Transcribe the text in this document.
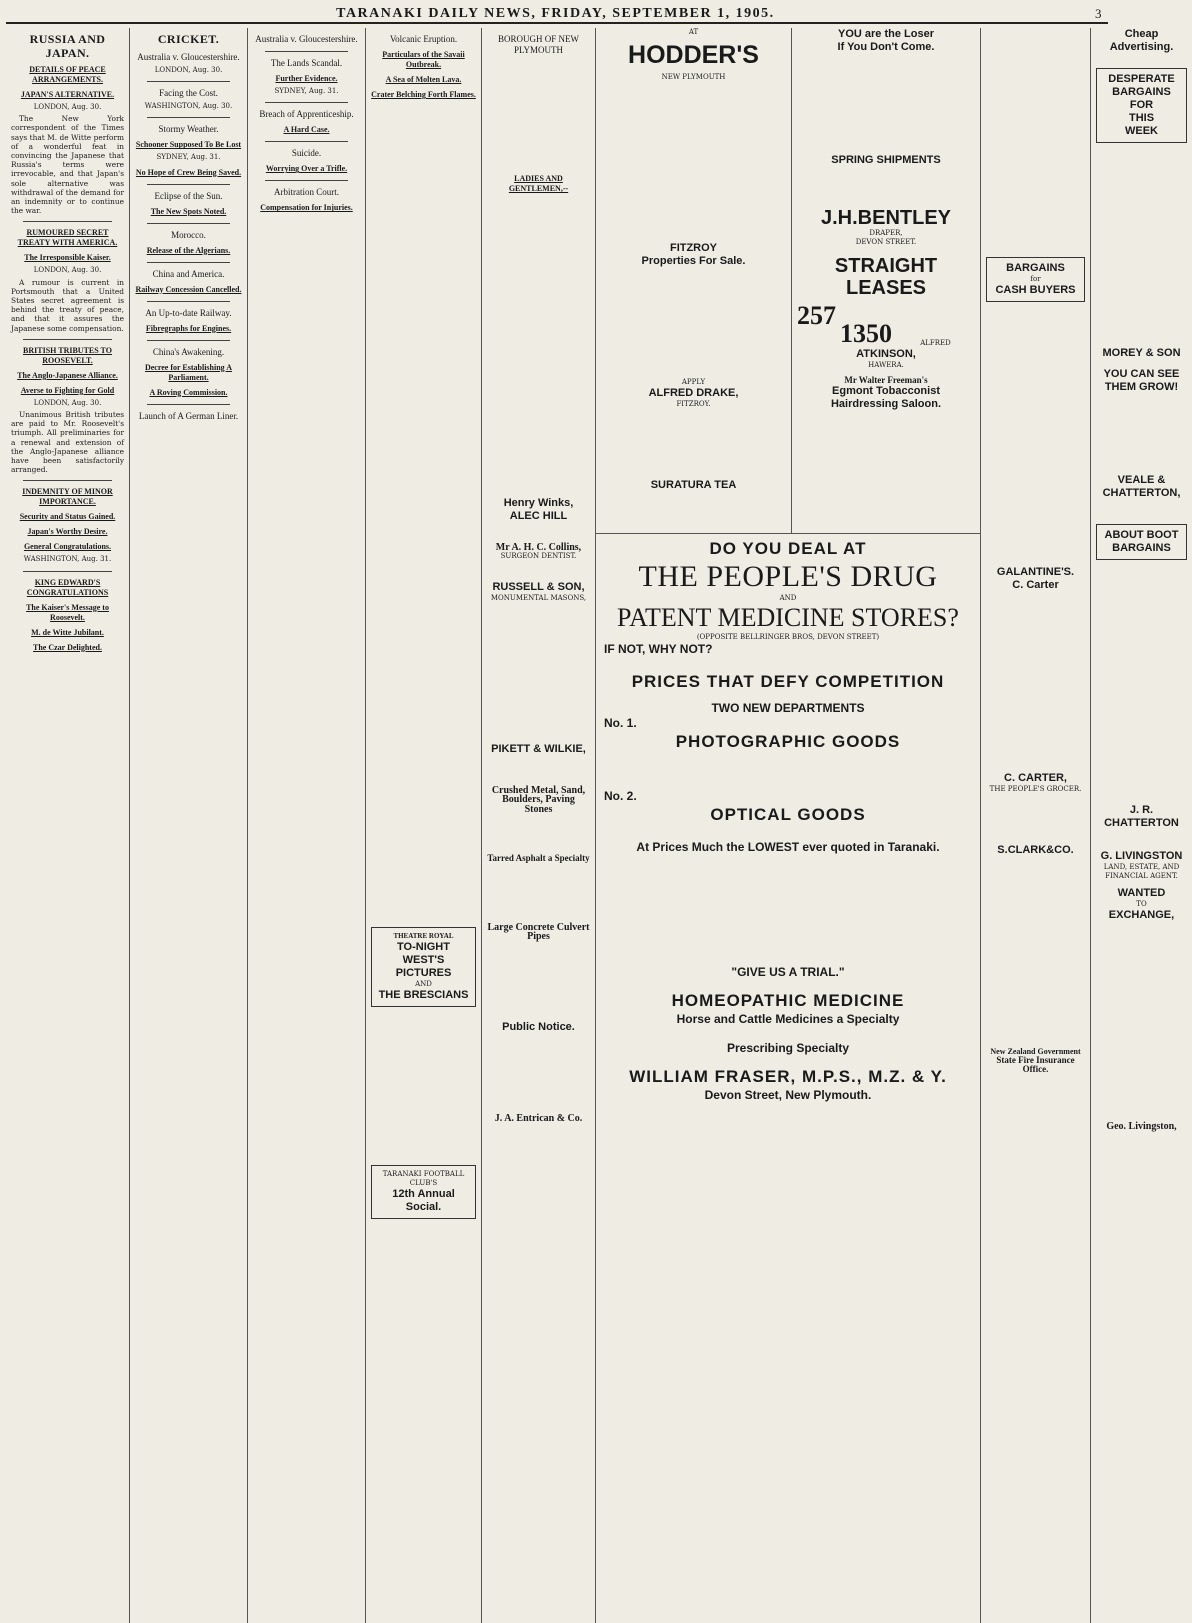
TARANAKI DAILY NEWS, FRIDAY, SEPTEMBER 1, 1905.	3
RUSSIA AND JAPAN.
DETAILS OF PEACE ARRANGEMENTS.
JAPAN'S ALTERNATIVE.
LONDON, Aug. 30.

The New York correspondent of the Times says that M. de Witte perform of a wonderful feat in convincing the Japanese that Russia's terms were irrevocable, and that Japan's sole alternative was withdrawal of the demand for an indemnity or to continue the war.

RUMOURED SECRET TREATY WITH AMERICA.
The Irresponsible Kaiser.
LONDON, Aug. 30.

A rumour is current in Portsmouth that a United States secret agreement is behind the treaty of peace, and that it assures the Japanese some compensation.

BRITISH TRIBUTES TO ROOSEVELT.
The Anglo-Japanese Alliance.
Averse to Fighting for Gold
LONDON, Aug. 30.

Unanimous British tributes are paid to Mr. Roosevelt's triumph. All preliminaries for a renewal and extension of the Anglo-Japanese alliance have been satisfactorily arranged.

INDEMNITY OF MINOR IMPORTANCE.
Security and Status Gained.
Japan's Worthy Desire.
General Congratulations.
WASHINGTON, Aug. 31.
KING EDWARD'S CONGRATULATIONS
The Kaiser's Message to Roosevelt.
M. de Witte Jubilant.
The Czar Delighted.
CRICKET.
Australia v. Gloucestershire.
LONDON, Aug. 30.
Facing the Cost.
WASHINGTON, Aug. 30.
Stormy Weather.
Schooner Supposed To Be Lost
SYDNEY, Aug. 31.
No Hope of Crew Being Saved.
Eclipse of the Sun.
The New Spots Noted.
Morocco.
Release of the Algerians.
China and America.
Railway Concession Cancelled.
An Up-to-date Railway.
Fibregraphs for Engines.
China's Awakening.
Decree for Establishing A Parliament.
A Roving Commission.
Launch of A German Liner.
Australia v. Gloucestershire.
The Lands Scandal.
Further Evidence.
SYDNEY, Aug. 31.
Breach of Apprenticeship.
A Hard Case.
Suicide.
Worrying Over a Trifle.
Arbitration Court.
Compensation for Injuries.
Volcanic Eruption.
Particulars of the Savaii Outbreak.
A Sea of Molten Lava.
Crater Belching Forth Flames.
THEATRE ROYAL
TO-NIGHT
WEST'S
PICTURES
AND
THE BRESCIANS
TARANAKI FOOTBALL CLUB'S
12th Annual Social.
BOROUGH OF NEW PLYMOUTH
LADIES AND GENTLEMEN,--
Henry Winks,
ALEC HILL
Mr A. H. C. Collins,
SURGEON DENTIST.
RUSSELL & SON,
MONUMENTAL MASONS,
PIKETT & WILKIE,
Crushed Metal, Sand, Boulders, Paving Stones
Tarred Asphalt a Specialty
Large Concrete Culvert Pipes
Public Notice.
J. A. Entrican & Co.
AT
HODDER'S
NEW PLYMOUTH
FITZROY
Properties For Sale.
APPLY
ALFRED DRAKE,
FITZROY.
SURATURA TEA
YOU are the Loser
If You Don't Come.
SPRING SHIPMENTS
J.H.BENTLEY
DRAPER,
DEVON STREET.
STRAIGHT
LEASES
257
1350	ALFRED
ATKINSON,
HAWERA.
Mr Walter Freeman's
Egmont Tobacconist
Hairdressing Saloon.
DO YOU DEAL AT
THE PEOPLE'S DRUG
AND
PATENT MEDICINE STORES?
(OPPOSITE BELLRINGER BROS, DEVON STREET)
IF NOT, WHY NOT?
PRICES THAT DEFY COMPETITION
TWO NEW DEPARTMENTS
No. 1.
PHOTOGRAPHIC GOODS
No. 2.
OPTICAL GOODS
At Prices Much the LOWEST ever quoted in Taranaki.
"GIVE US A TRIAL."
HOMEOPATHIC MEDICINE
Horse and Cattle Medicines a Specialty
Prescribing Specialty
WILLIAM FRASER, M.P.S., M.Z. & Y.
Devon Street, New Plymouth.
BARGAINS
for
CASH BUYERS
GALANTINE'S.
C. Carter
C. CARTER,
THE PEOPLE'S GROCER.
S.CLARK&CO.
New Zealand Government
State Fire Insurance Office.
Cheap Advertising.
DESPERATE
BARGAINS
FOR
THIS
WEEK
MOREY & SON
YOU CAN SEE THEM GROW!
VEALE & CHATTERTON,
ABOUT BOOT BARGAINS
J. R. CHATTERTON
G. LIVINGSTON
LAND, ESTATE, AND FINANCIAL AGENT.
WANTED
TO
EXCHANGE,
Geo. Livingston,
